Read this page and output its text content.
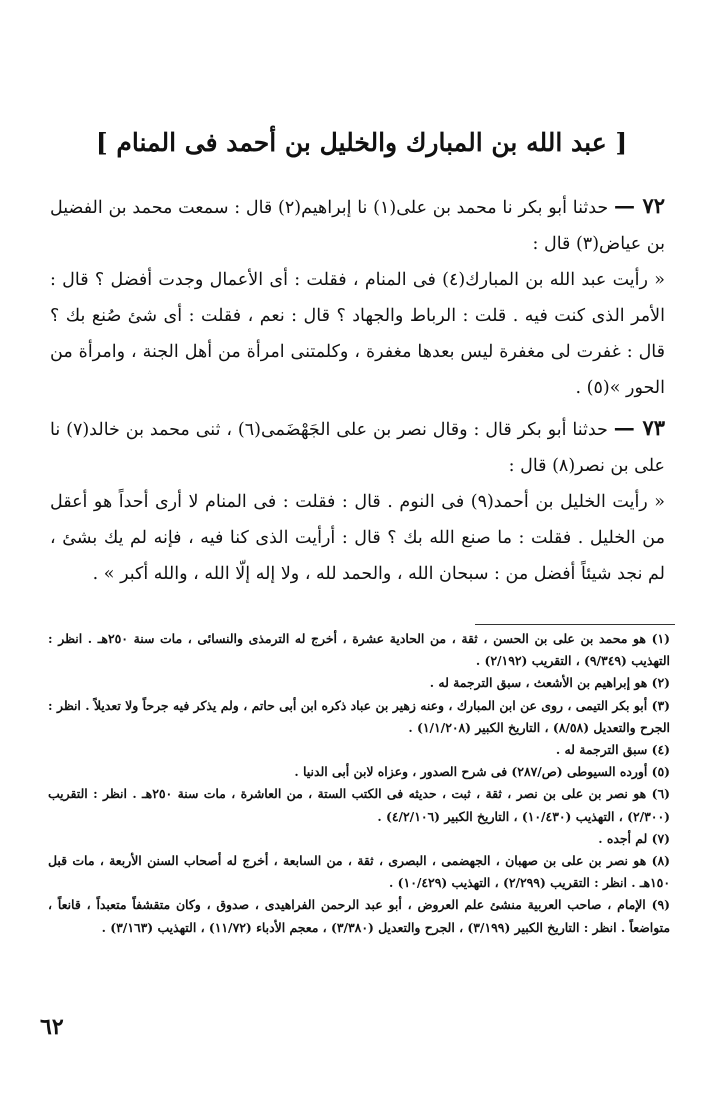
[ عبد الله بن المبارك والخليل بن أحمد فى المنام ]
٧٢ — حدثنا أبو بكر نا محمد بن على(١) نا إبراهيم(٢) قال : سمعت محمد بن الفضيل بن عياض(٣) قال :
« رأيت عبد الله بن المبارك(٤) فى المنام ، فقلت : أى الأعمال وجدت أفضل ؟ قال : الأمر الذى كنت فيه . قلت : الرباط والجهاد ؟ قال : نعم ، فقلت : أى شئ صُنع بك ؟ قال : غفرت لى مغفرة ليس بعدها مغفرة ، وكلمتنى امرأة من أهل الجنة ، وامرأة من الحور »(٥) .
٧٣ — حدثنا أبو بكر قال : وقال نصر بن على الجَهْضَمى(٦) ، ثنى محمد بن خالد(٧) نا على بن نصر(٨) قال :
« رأيت الخليل بن أحمد(٩) فى النوم . قال : فقلت : فى المنام لا أرى أحداً هو أعقل من الخليل . فقلت : ما صنع الله بك ؟ قال : أرأيت الذى كنا فيه ، فإنه لم يك بشئ ، لم نجد شيئاً أفضل من : سبحان الله ، والحمد لله ، ولا إله إلّا الله ، والله أكبر » .

(١) هو محمد بن على بن الحسن ، ثقة ، من الحادية عشرة ، أخرج له الترمذى والنسائى ، مات سنة ٢٥٠هـ . انظر : التهذيب (٩/٣٤٩) ، التقريب (٢/١٩٢) .

(٢) هو إبراهيم بن الأشعث ، سبق الترجمة له .

(٣) أبو بكر التيمى ، روى عن ابن المبارك ، وعنه زهير بن عباد ذكره ابن أبى حاتم ، ولم يذكر فيه جرحاً ولا تعديلاً . انظر : الجرح والتعديل (٨/٥٨) ، التاريخ الكبير (١/١/٢٠٨) .

(٤) سبق الترجمة له .

(٥) أورده السيوطى (ص/٢٨٧) فى شرح الصدور ، وعزاه لابن أبى الدنيا .

(٦) هو نصر بن على بن نصر ، ثقة ، ثبت ، حديثه فى الكتب الستة ، من العاشرة ، مات سنة ٢٥٠هـ . انظر : التقريب (٢/٣٠٠) ، التهذيب (١٠/٤٣٠) ، التاريخ الكبير (٤/٢/١٠٦) .

(٧) لم أجده .

(٨) هو نصر بن على بن صهبان ، الجهضمى ، البصرى ، ثقة ، من السابعة ، أخرج له أصحاب السنن الأربعة ، مات قبل ١٥٠هـ . انظر : التقريب (٢/٢٩٩) ، التهذيب (١٠/٤٢٩) .

(٩) الإمام ، صاحب العربية منشئ علم العروض ، أبو عبد الرحمن الفراهيدى ، صدوق ، وكان متقشفاً متعبداً ، قانعاً ، متواضعاً . انظر : التاريخ الكبير (٣/١٩٩) ، الجرح والتعديل (٣/٣٨٠) ، معجم الأدباء (١١/٧٢) ، التهذيب (٣/١٦٣) .

٦٢
